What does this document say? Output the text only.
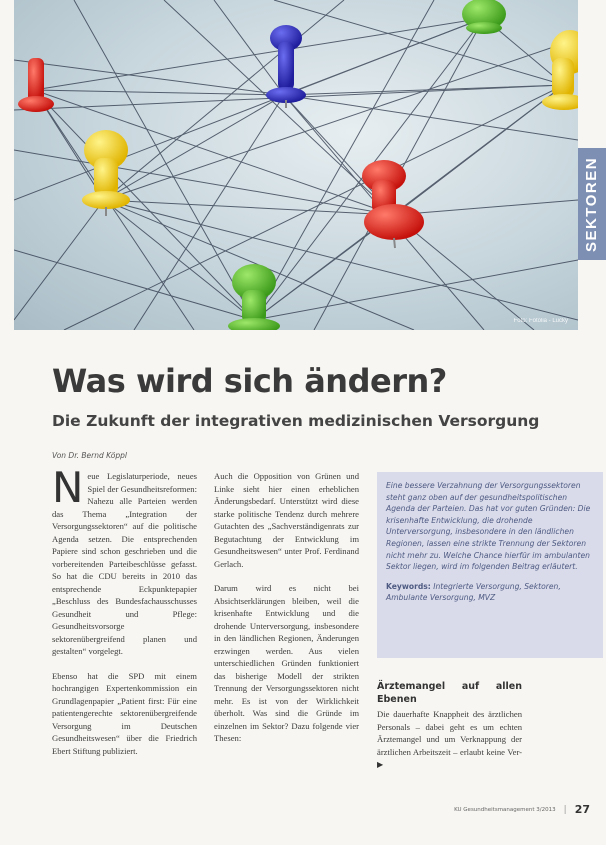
Foto: Fotolia - Lucky
SEKTOREN
Was wird sich ändern?
Die Zukunft der integrativen medizinischen Versorgung
Von Dr. Bernd Köppl

Neue Legislaturperiode, neues Spiel der Gesundheitsreformen: Nahezu alle Parteien werden das Thema „Integration der Versorgungssektoren“ auf die politische Agenda setzen. Die entsprechenden Papiere sind schon geschrieben und die vorbereitenden Parteibeschlüsse gefasst. So hat die CDU bereits in 2010 das entsprechende Eckpunktepapier „Beschluss des Bundesfachausschusses Gesundheit und Pflege: Gesundheitsvorsorge sektorenübergreifend planen und gestalten“ vorgelegt.

Ebenso hat die SPD mit einem hochrangigen Expertenkommission ein Grundlagenpapier „Patient first: Für eine patientengerechte sektorenübergreifende Versorgung im Deutschen Gesundheitswesen“ über die Friedrich Ebert Stiftung publiziert.

Auch die Opposition von Grünen und Linke sieht hier einen erheblichen Änderungsbedarf. Unterstützt wird diese starke politische Tendenz durch mehrere Gutachten des „Sachverständigenrats zur Begutachtung der Entwicklung im Gesundheitswesen“ unter Prof. Ferdinand Gerlach.

Darum wird es nicht bei Absichtserklärungen bleiben, weil die krisenhafte Entwicklung und die drohende Unterversorgung, insbesondere in den ländlichen Regionen, Änderungen erzwingen werden. Aus vielen unterschiedlichen Gründen funktioniert das bisherige Modell der strikten Trennung der Versorgungssektoren nicht mehr. Es ist von der Wirklichkeit überholt. Was sind die Gründe im einzelnen im Sektor? Dazu folgende vier Thesen:

Eine bessere Verzahnung der Versorgungssektoren steht ganz oben auf der gesundheitspolitischen Agenda der Parteien. Das hat vor guten Gründen: Die krisenhafte Entwicklung, die drohende Unterversorgung, insbesondere in den ländlichen Regionen, lassen eine strikte Trennung der Sektoren nicht mehr zu. Welche Chance hierfür im ambulanten Sektor liegen, wird im folgenden Beitrag erläutert.

Keywords: Integrierte Versorgung, Sektoren, Ambulante Versorgung, MVZ

Ärztemangel auf allen Ebenen

Die dauerhafte Knappheit des ärztlichen Personals – dabei geht es um echten Ärztemangel und um Verknappung der ärztlichen Arbeitszeit – erlaubt keine Ver- ▶

KU Gesundheitsmanagement 3/2013 | 27
